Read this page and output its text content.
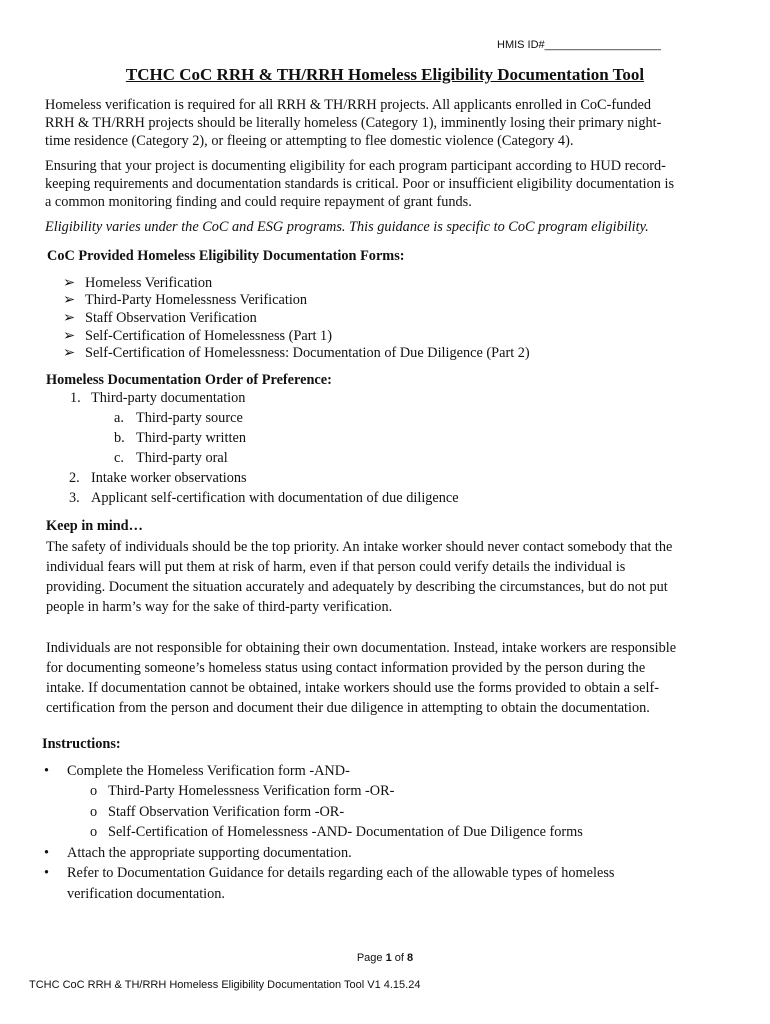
HMIS ID#___________________
TCHC CoC RRH & TH/RRH Homeless Eligibility Documentation Tool
Homeless verification is required for all RRH & TH/RRH projects. All applicants enrolled in CoC-funded
RRH & TH/RRH projects should be literally homeless (Category 1), imminently losing their primary night-
time residence (Category 2), or fleeing or attempting to flee domestic violence (Category 4).
Ensuring that your project is documenting eligibility for each program participant according to HUD record-
keeping requirements and documentation standards is critical. Poor or insufficient eligibility documentation is
a common monitoring finding and could require repayment of grant funds.
Eligibility varies under the CoC and ESG programs. This guidance is specific to CoC program eligibility.
CoC Provided Homeless Eligibility Documentation Forms:
➢ Homeless Verification
➢ Third-Party Homelessness Verification
➢ Staff Observation Verification
➢ Self-Certification of Homelessness (Part 1)
➢ Self-Certification of Homelessness: Documentation of Due Diligence (Part 2)
Homeless Documentation Order of Preference:
1. Third-party documentation
a. Third-party source
b. Third-party written
c. Third-party oral
2. Intake worker observations
3. Applicant self-certification with documentation of due diligence
Keep in mind…
The safety of individuals should be the top priority. An intake worker should never contact somebody that the
individual fears will put them at risk of harm, even if that person could verify details the individual is
providing. Document the situation accurately and adequately by describing the circumstances, but do not put
people in harm’s way for the sake of third-party verification.
Individuals are not responsible for obtaining their own documentation. Instead, intake workers are responsible
for documenting someone’s homeless status using contact information provided by the person during the
intake. If documentation cannot be obtained, intake workers should use the forms provided to obtain a self-
certification from the person and document their due diligence in attempting to obtain the documentation.
Instructions:
• Complete the Homeless Verification form -AND-
o Third-Party Homelessness Verification form -OR-
o Staff Observation Verification form -OR-
o Self-Certification of Homelessness -AND- Documentation of Due Diligence forms
• Attach the appropriate supporting documentation.
• Refer to Documentation Guidance for details regarding each of the allowable types of homeless
verification documentation.
Page 1 of 8
TCHC CoC RRH & TH/RRH Homeless Eligibility Documentation Tool V1 4.15.24
